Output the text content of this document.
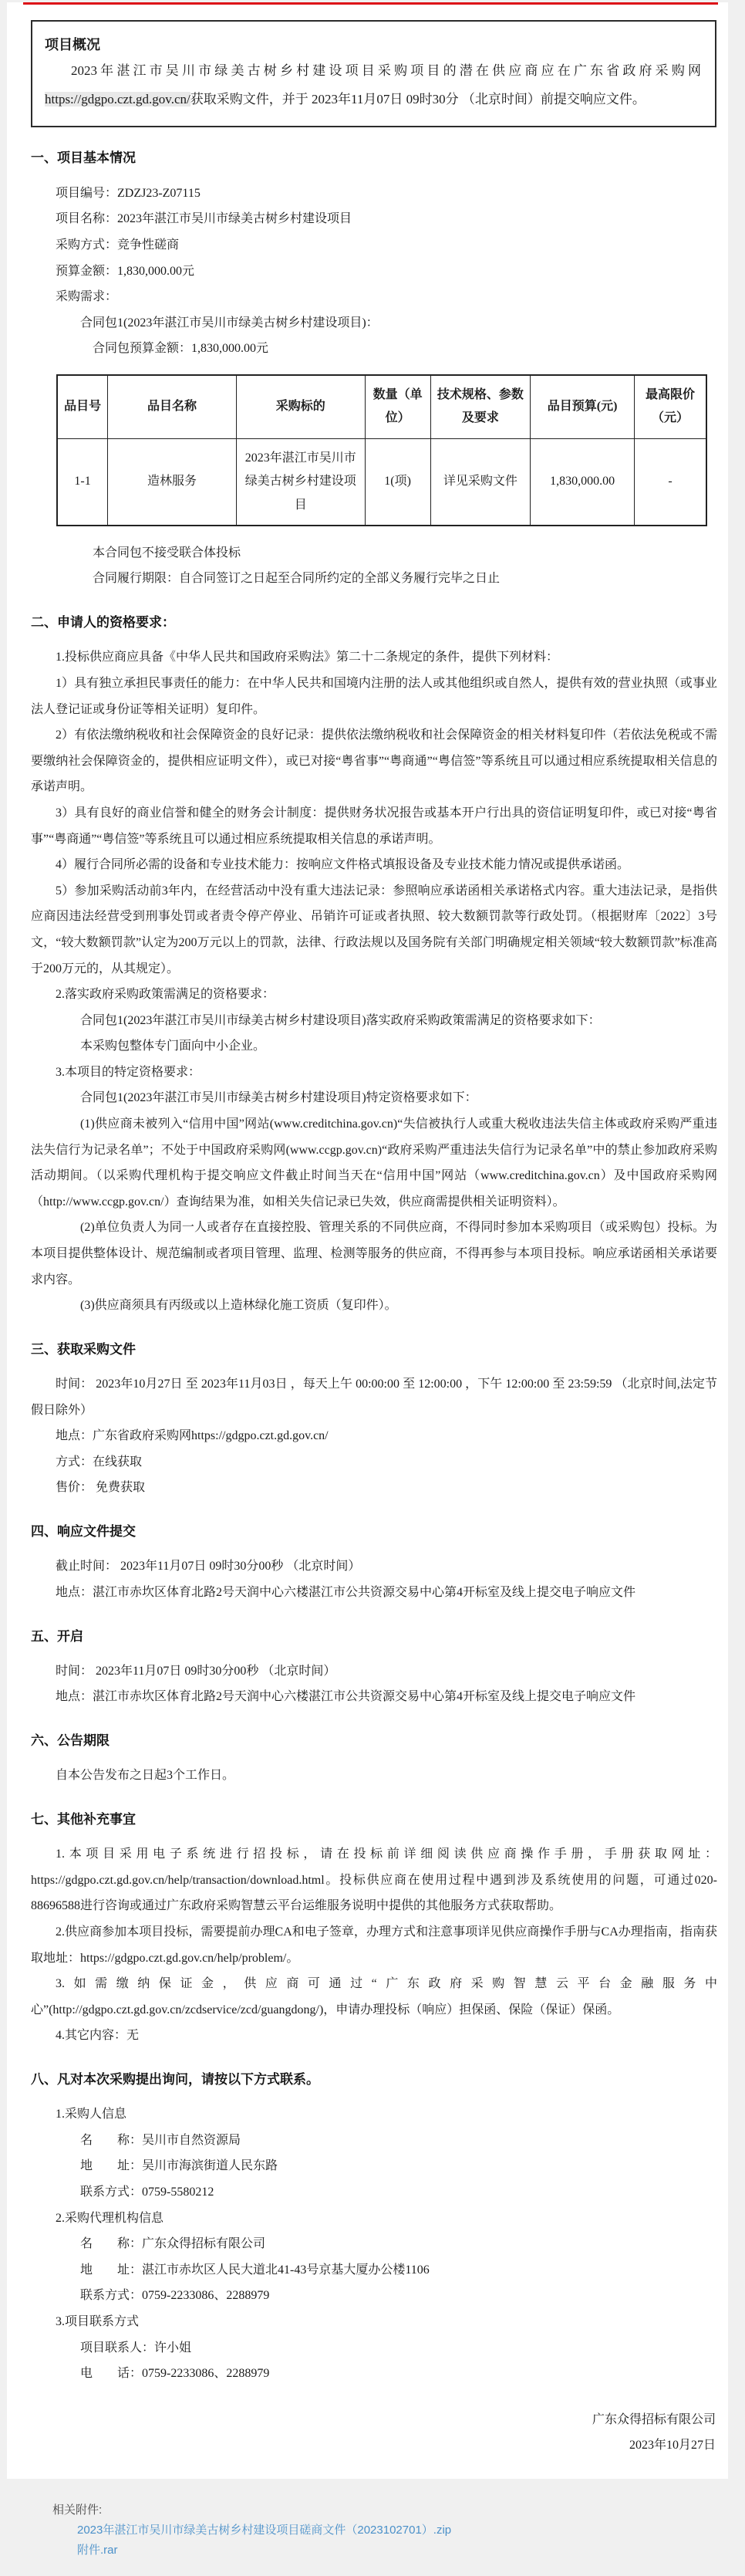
项目概况

2023年湛江市吴川市绿美古树乡村建设项目采购项目的潜在供应商应在广东省政府采购网https://gdgpo.czt.gd.gov.cn/获取采购文件，并于 2023年11月07日 09时30分 （北京时间）前提交响应文件。

一、项目基本情况

项目编号：ZDZJ23-Z07115

项目名称：2023年湛江市吴川市绿美古树乡村建设项目

采购方式：竞争性磋商

预算金额：1,830,000.00元

采购需求：

合同包1(2023年湛江市吴川市绿美古树乡村建设项目)：

合同包预算金额：1,830,000.00元

品目号	品目名称	采购标的	数量（单位）	技术规格、参数及要求	品目预算(元)	最高限价（元）
1-1	造林服务	2023年湛江市吴川市绿美古树乡村建设项目	1(项)	详见采购文件	1,830,000.00	-

本合同包不接受联合体投标

合同履行期限：自合同签订之日起至合同所约定的全部义务履行完毕之日止

二、申请人的资格要求：

1.投标供应商应具备《中华人民共和国政府采购法》第二十二条规定的条件，提供下列材料：

1）具有独立承担民事责任的能力：在中华人民共和国境内注册的法人或其他组织或自然人，提供有效的营业执照（或事业法人登记证或身份证等相关证明）复印件。

2）有依法缴纳税收和社会保障资金的良好记录：提供依法缴纳税收和社会保障资金的相关材料复印件（若依法免税或不需要缴纳社会保障资金的，提供相应证明文件），或已对接“粤省事”“粤商通”“粤信签”等系统且可以通过相应系统提取相关信息的承诺声明。

3）具有良好的商业信誉和健全的财务会计制度：提供财务状况报告或基本开户行出具的资信证明复印件，或已对接“粤省事”“粤商通”“粤信签”等系统且可以通过相应系统提取相关信息的承诺声明。

4）履行合同所必需的设备和专业技术能力：按响应文件格式填报设备及专业技术能力情况或提供承诺函。

5）参加采购活动前3年内，在经营活动中没有重大违法记录：参照响应承诺函相关承诺格式内容。重大违法记录，是指供应商因违法经营受到刑事处罚或者责令停产停业、吊销许可证或者执照、较大数额罚款等行政处罚。（根据财库〔2022〕3号文，“较大数额罚款”认定为200万元以上的罚款，法律、行政法规以及国务院有关部门明确规定相关领域“较大数额罚款”标准高于200万元的，从其规定）。

2.落实政府采购政策需满足的资格要求：

合同包1(2023年湛江市吴川市绿美古树乡村建设项目)落实政府采购政策需满足的资格要求如下：

本采购包整体专门面向中小企业。

3.本项目的特定资格要求：

合同包1(2023年湛江市吴川市绿美古树乡村建设项目)特定资格要求如下：

(1)供应商未被列入“信用中国”网站(www.creditchina.gov.cn)“失信被执行人或重大税收违法失信主体或政府采购严重违法失信行为记录名单”；不处于中国政府采购网(www.ccgp.gov.cn)“政府采购严重违法失信行为记录名单”中的禁止参加政府采购活动期间。（以采购代理机构于提交响应文件截止时间当天在“信用中国”网站（www.creditchina.gov.cn）及中国政府采购网（http://www.ccgp.gov.cn/）查询结果为准，如相关失信记录已失效，供应商需提供相关证明资料）。

(2)单位负责人为同一人或者存在直接控股、管理关系的不同供应商，不得同时参加本采购项目（或采购包）投标。为本项目提供整体设计、规范编制或者项目管理、监理、检测等服务的供应商，不得再参与本项目投标。响应承诺函相关承诺要求内容。

(3)供应商须具有丙级或以上造林绿化施工资质（复印件）。

三、获取采购文件

时间： 2023年10月27日 至 2023年11月03日 ，每天上午 00:00:00 至 12:00:00 ，下午 12:00:00 至 23:59:59 （北京时间,法定节假日除外）

地点：广东省政府采购网https://gdgpo.czt.gd.gov.cn/

方式：在线获取

售价： 免费获取

四、响应文件提交

截止时间： 2023年11月07日 09时30分00秒 （北京时间）

地点：湛江市赤坎区体育北路2号天润中心六楼湛江市公共资源交易中心第4开标室及线上提交电子响应文件

五、开启

时间： 2023年11月07日 09时30分00秒 （北京时间）

地点：湛江市赤坎区体育北路2号天润中心六楼湛江市公共资源交易中心第4开标室及线上提交电子响应文件

六、公告期限

自本公告发布之日起3个工作日。

七、其他补充事宜

1.本项目采用电子系统进行招投标，请在投标前详细阅读供应商操作手册，手册获取网址：https://gdgpo.czt.gd.gov.cn/help/transaction/download.html。投标供应商在使用过程中遇到涉及系统使用的问题，可通过020-88696588进行咨询或通过广东政府采购智慧云平台运维服务说明中提供的其他服务方式获取帮助。

2.供应商参加本项目投标，需要提前办理CA和电子签章，办理方式和注意事项详见供应商操作手册与CA办理指南，指南获取地址：https://gdgpo.czt.gd.gov.cn/help/problem/。

3.如需缴纳保证金，供应商可通过“广东政府采购智慧云平台金融服务中心”(http://gdgpo.czt.gd.gov.cn/zcdservice/zcd/guangdong/)，申请办理投标（响应）担保函、保险（保证）保函。

4.其它内容：无

八、凡对本次采购提出询问，请按以下方式联系。

1.采购人信息

名　　称：吴川市自然资源局

地　　址：吴川市海滨街道人民东路

联系方式：0759-5580212

2.采购代理机构信息

名　　称：广东众得招标有限公司

地　　址：湛江市赤坎区人民大道北41-43号京基大厦办公楼1106

联系方式：0759-2233086、2288979

3.项目联系方式

项目联系人：许小姐

电　　话：0759-2233086、2288979

广东众得招标有限公司

2023年10月27日

相关附件:

2023年湛江市吴川市绿美古树乡村建设项目磋商文件（2023102701）.zip
附件.rar
